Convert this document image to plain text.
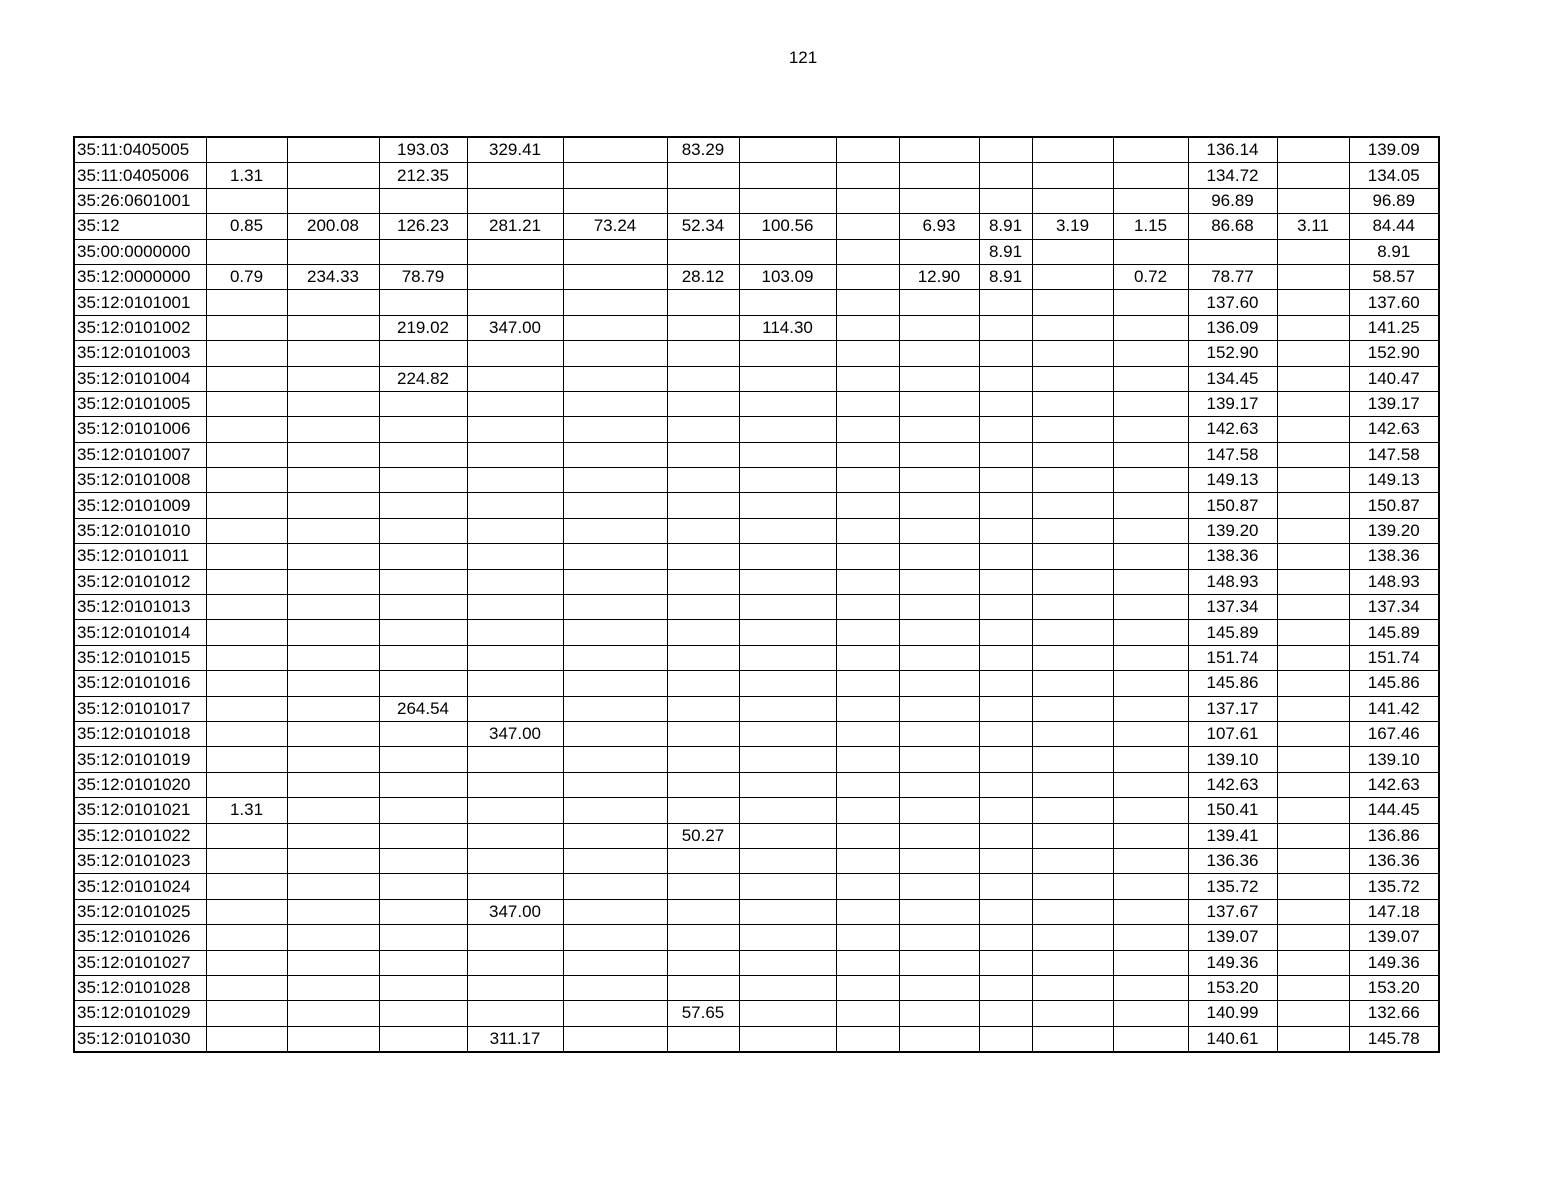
121
35:11:0405005			193.03	329.41		83.29							136.14		139.09
35:11:0405006	1.31		212.35										134.72		134.05
35:26:0601001													96.89		96.89
35:12	0.85	200.08	126.23	281.21	73.24	52.34	100.56		6.93	8.91	3.19	1.15	86.68	3.11	84.44
35:00:0000000										8.91					8.91
35:12:0000000	0.79	234.33	78.79			28.12	103.09		12.90	8.91		0.72	78.77		58.57
35:12:0101001													137.60		137.60
35:12:0101002			219.02	347.00			114.30						136.09		141.25
35:12:0101003													152.90		152.90
35:12:0101004			224.82										134.45		140.47
35:12:0101005													139.17		139.17
35:12:0101006													142.63		142.63
35:12:0101007													147.58		147.58
35:12:0101008													149.13		149.13
35:12:0101009													150.87		150.87
35:12:0101010													139.20		139.20
35:12:0101011													138.36		138.36
35:12:0101012													148.93		148.93
35:12:0101013													137.34		137.34
35:12:0101014													145.89		145.89
35:12:0101015													151.74		151.74
35:12:0101016													145.86		145.86
35:12:0101017			264.54										137.17		141.42
35:12:0101018				347.00									107.61		167.46
35:12:0101019													139.10		139.10
35:12:0101020													142.63		142.63
35:12:0101021	1.31												150.41		144.45
35:12:0101022						50.27							139.41		136.86
35:12:0101023													136.36		136.36
35:12:0101024													135.72		135.72
35:12:0101025				347.00									137.67		147.18
35:12:0101026													139.07		139.07
35:12:0101027													149.36		149.36
35:12:0101028													153.20		153.20
35:12:0101029						57.65							140.99		132.66
35:12:0101030				311.17									140.61		145.78
